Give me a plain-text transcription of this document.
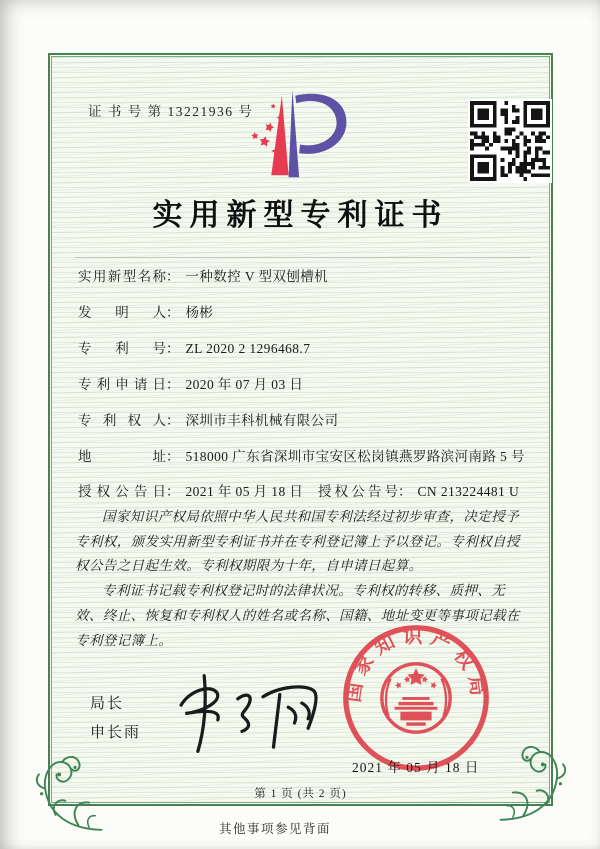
证 书 号 第 13221936 号
实用新型专利证书
实用新型名称： 一种数控 V 型双刨槽机
发明人： 杨彬
专利号： ZL 2020 2 1296468.7
专利申请日： 2020 年 07 月 03 日
专利权人： 深圳市丰科机械有限公司
地址： 518000 广东省深圳市宝安区松岗镇燕罗路滨河南路 5 号
授权公告日： 2021 年 05 月 18 日 授权公告号： CN 213224481 U

国家知识产权局依照中华人民共和国专利法经过初步审查，决定授予专利权，颁发实用新型专利证书并在专利登记簿上予以登记。专利权自授权公告之日起生效。专利权期限为十年，自申请日起算。

专利证书记载专利权登记时的法律状况。专利权的转移、质押、无效、终止、恢复和专利权人的姓名或名称、国籍、地址变更等事项记载在专利登记簿上。

局长
申长雨
国家知识产权局
2021 年 05 月 18 日
第 1 页 (共 2 页)
其他事项参见背面
